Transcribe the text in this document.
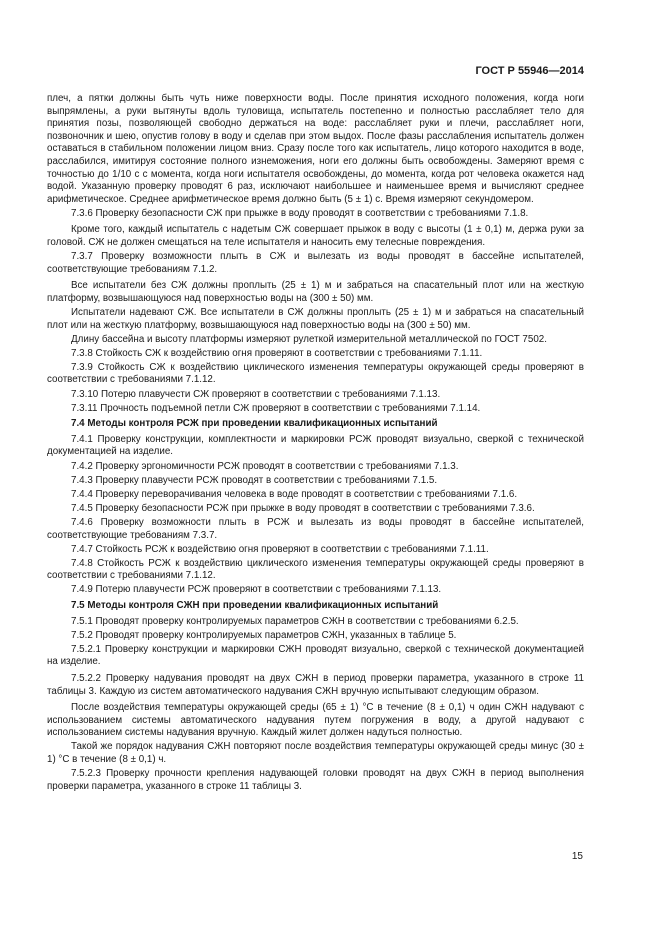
ГОСТ Р 55946—2014

плеч, а пятки должны быть чуть ниже поверхности воды. После принятия исходного положения, когда ноги выпрямлены, а руки вытянуты вдоль туловища, испытатель постепенно и полностью расслабляет тело для принятия позы, позволяющей свободно держаться на воде: расслабляет руки и плечи, расслабляет ноги, позвоночник и шею, опустив голову в воду и сделав при этом выдох. После фазы расслабления испытатель должен оставаться в стабильном положении лицом вниз. Сразу после того как испытатель, лицо которого находится в воде, расслабился, имитируя состояние полного изнеможения, ноги его должны быть освобождены. Замеряют время с точностью до 1/10 с с момента, когда ноги испытателя освобождены, до момента, когда рот человека окажется над водой. Указанную проверку проводят 6 раз, исключают наибольшее и наименьшее время и вычисляют среднее арифметическое. Среднее арифметическое время должно быть (5 ± 1) с. Время измеряют секундомером.

7.3.6 Проверку безопасности СЖ при прыжке в воду проводят в соответствии с требованиями 7.1.8.

Кроме того, каждый испытатель с надетым СЖ совершает прыжок в воду с высоты (1 ± 0,1) м, держа руки за головой. СЖ не должен смещаться на теле испытателя и наносить ему телесные повреждения.

7.3.7 Проверку возможности плыть в СЖ и вылезать из воды проводят в бассейне испытателей, соответствующие требованиям 7.1.2.

Все испытатели без СЖ должны проплыть (25 ± 1) м и забраться на спасательный плот или на жесткую платформу, возвышающуюся над поверхностью воды на (300 ± 50) мм.

Испытатели надевают СЖ. Все испытатели в СЖ должны проплыть (25 ± 1) м и забраться на спасательный плот или на жесткую платформу, возвышающуюся над поверхностью воды на (300 ± 50) мм.

Длину бассейна и высоту платформы измеряют рулеткой измерительной металлической по ГОСТ 7502.

7.3.8 Стойкость СЖ к воздействию огня проверяют в соответствии с требованиями 7.1.11.

7.3.9 Стойкость СЖ к воздействию циклического изменения температуры окружающей среды проверяют в соответствии с требованиями 7.1.12.

7.3.10 Потерю плавучести СЖ проверяют в соответствии с требованиями 7.1.13.

7.3.11 Прочность подъемной петли СЖ проверяют в соответствии с требованиями 7.1.14.

7.4 Методы контроля РСЖ при проведении квалификационных испытаний

7.4.1 Проверку конструкции, комплектности и маркировки РСЖ проводят визуально, сверкой с технической документацией на изделие.

7.4.2 Проверку эргономичности РСЖ проводят в соответствии с требованиями 7.1.3.

7.4.3 Проверку плавучести РСЖ проводят в соответствии с требованиями 7.1.5.

7.4.4 Проверку переворачивания человека в воде проводят в соответствии с требованиями 7.1.6.

7.4.5 Проверку безопасности РСЖ при прыжке в воду проводят в соответствии с требованиями 7.3.6.

7.4.6 Проверку возможности плыть в РСЖ и вылезать из воды проводят в бассейне испытателей, соответствующие требованиям 7.3.7.

7.4.7 Стойкость РСЖ к воздействию огня проверяют в соответствии с требованиями 7.1.11.

7.4.8 Стойкость РСЖ к воздействию циклического изменения температуры окружающей среды проверяют в соответствии с требованиями 7.1.12.

7.4.9 Потерю плавучести РСЖ проверяют в соответствии с требованиями 7.1.13.

7.5 Методы контроля СЖН при проведении квалификационных испытаний

7.5.1 Проводят проверку контролируемых параметров СЖН в соответствии с требованиями 6.2.5.

7.5.2 Проводят проверку контролируемых параметров СЖН, указанных в таблице 5.

7.5.2.1 Проверку конструкции и маркировки СЖН проводят визуально, сверкой с технической документацией на изделие.

7.5.2.2 Проверку надувания проводят на двух СЖН в период проверки параметра, указанного в строке 11 таблицы 3. Каждую из систем автоматического надувания СЖН вручную испытывают следующим образом.

После воздействия температуры окружающей среды (65 ± 1) °С в течение (8 ± 0,1) ч один СЖН надувают с использованием системы автоматического надувания путем погружения в воду, а другой надувают с использованием системы надувания вручную. Каждый жилет должен надуться полностью.

Такой же порядок надувания СЖН повторяют после воздействия температуры окружающей среды минус (30 ± 1) °С в течение (8 ± 0,1) ч.

7.5.2.3 Проверку прочности крепления надувающей головки проводят на двух СЖН в период выполнения проверки параметра, указанного в строке 11 таблицы 3.

15
